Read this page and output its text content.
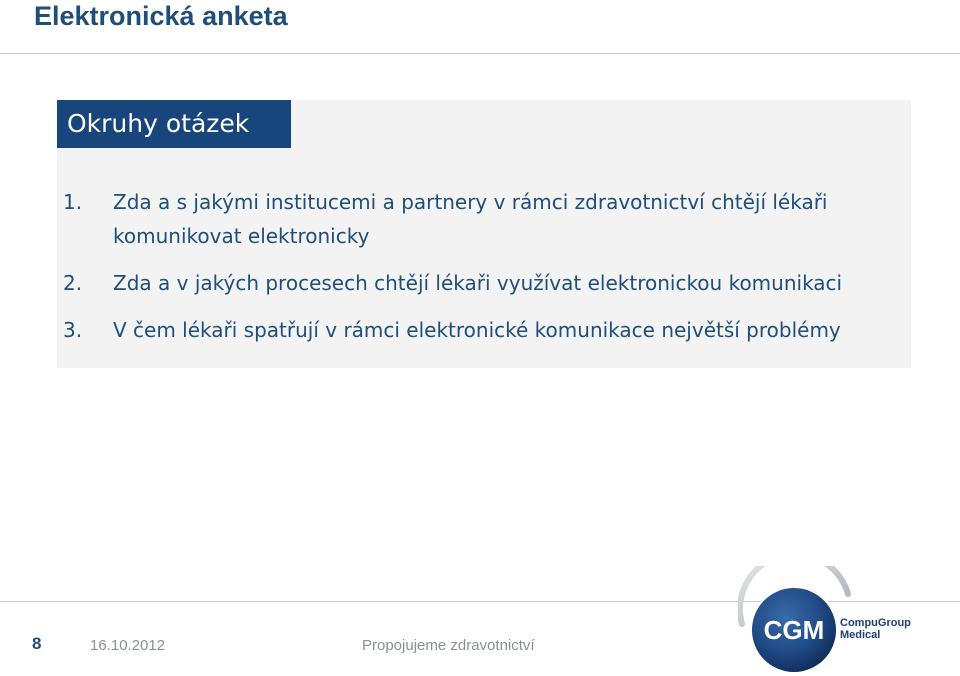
Elektronická anketa
Okruhy otázek
1. Zda a s jakými institucemi a partnery v rámci zdravotnictví chtějí lékaři komunikovat elektronicky
2. Zda a v jakých procesech chtějí lékaři využívat elektronickou komunikaci
3. V čem lékaři spatřují v rámci elektronické komunikace největší problémy
8	16.10.2012	Propojujeme zdravotnictví
CGM CompuGroup
Medical
